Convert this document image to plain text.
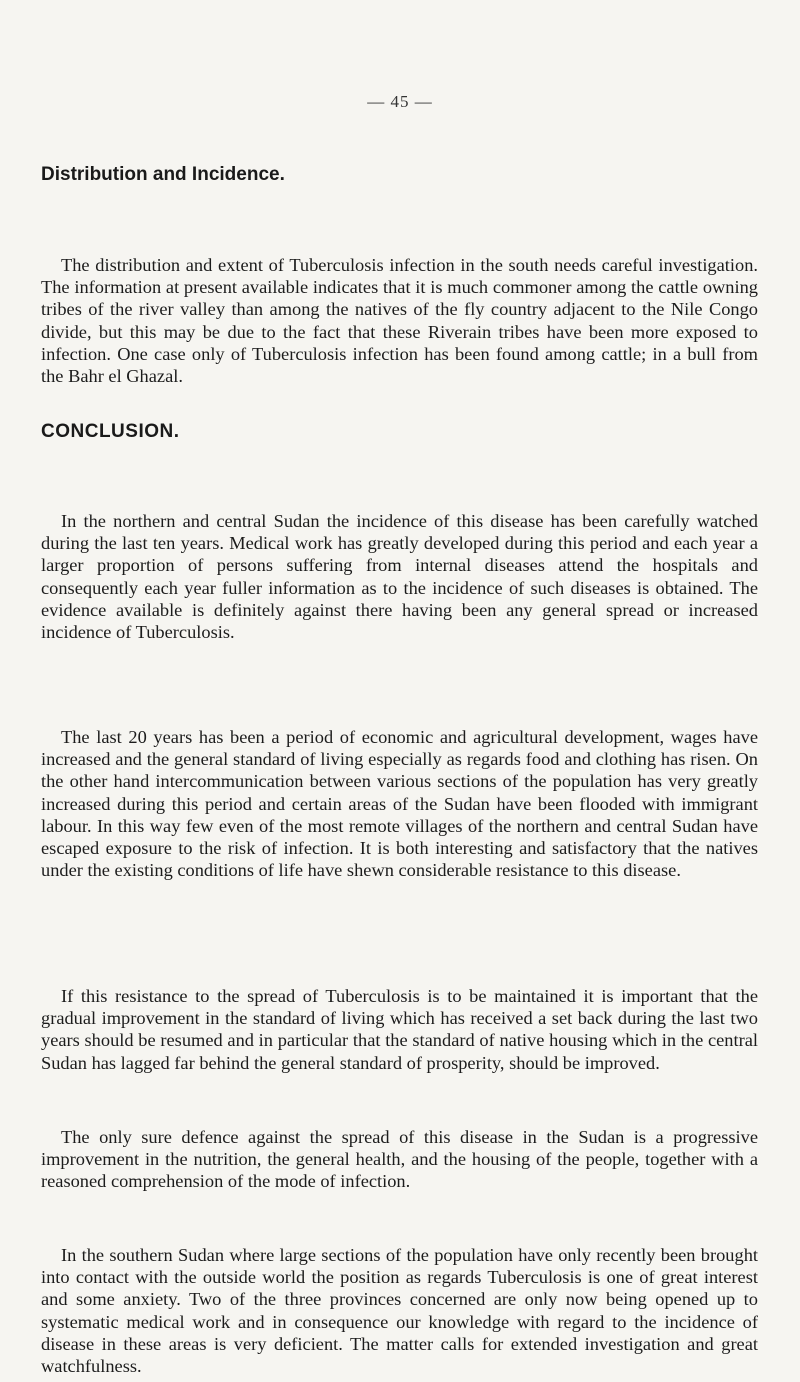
— 45 —
Distribution and Incidence.

The distribution and extent of Tuberculosis infection in the south needs careful investigation. The information at present available indicates that it is much commoner among the cattle owning tribes of the river valley than among the natives of the fly country adjacent to the Nile Congo divide, but this may be due to the fact that these Riverain tribes have been more exposed to infection. One case only of Tuberculosis infection has been found among cattle; in a bull from the Bahr el Ghazal.

CONCLUSION.

In the northern and central Sudan the incidence of this disease has been carefully watched during the last ten years. Medical work has greatly developed during this period and each year a larger proportion of persons suffering from internal diseases attend the hospitals and consequently each year fuller information as to the incidence of such diseases is obtained. The evidence available is definitely against there having been any general spread or increased incidence of Tuberculosis.

The last 20 years has been a period of economic and agricultural development, wages have increased and the general standard of living especially as regards food and clothing has risen. On the other hand intercommunication between various sections of the population has very greatly increased during this period and certain areas of the Sudan have been flooded with immigrant labour. In this way few even of the most remote villages of the northern and central Sudan have escaped exposure to the risk of infection. It is both interesting and satisfactory that the natives under the existing conditions of life have shewn considerable resistance to this disease.

If this resistance to the spread of Tuberculosis is to be maintained it is important that the gradual improvement in the standard of living which has received a set back during the last two years should be resumed and in particular that the standard of native housing which in the central Sudan has lagged far behind the general standard of prosperity, should be improved.

The only sure defence against the spread of this disease in the Sudan is a progressive improvement in the nutrition, the general health, and the housing of the people, together with a reasoned comprehension of the mode of infection.

In the southern Sudan where large sections of the population have only recently been brought into contact with the outside world the position as regards Tuberculosis is one of great interest and some anxiety. Two of the three provinces concerned are only now being opened up to systematic medical work and in consequence our knowledge with regard to the incidence of disease in these areas is very deficient. The matter calls for extended investigation and great watchfulness.
